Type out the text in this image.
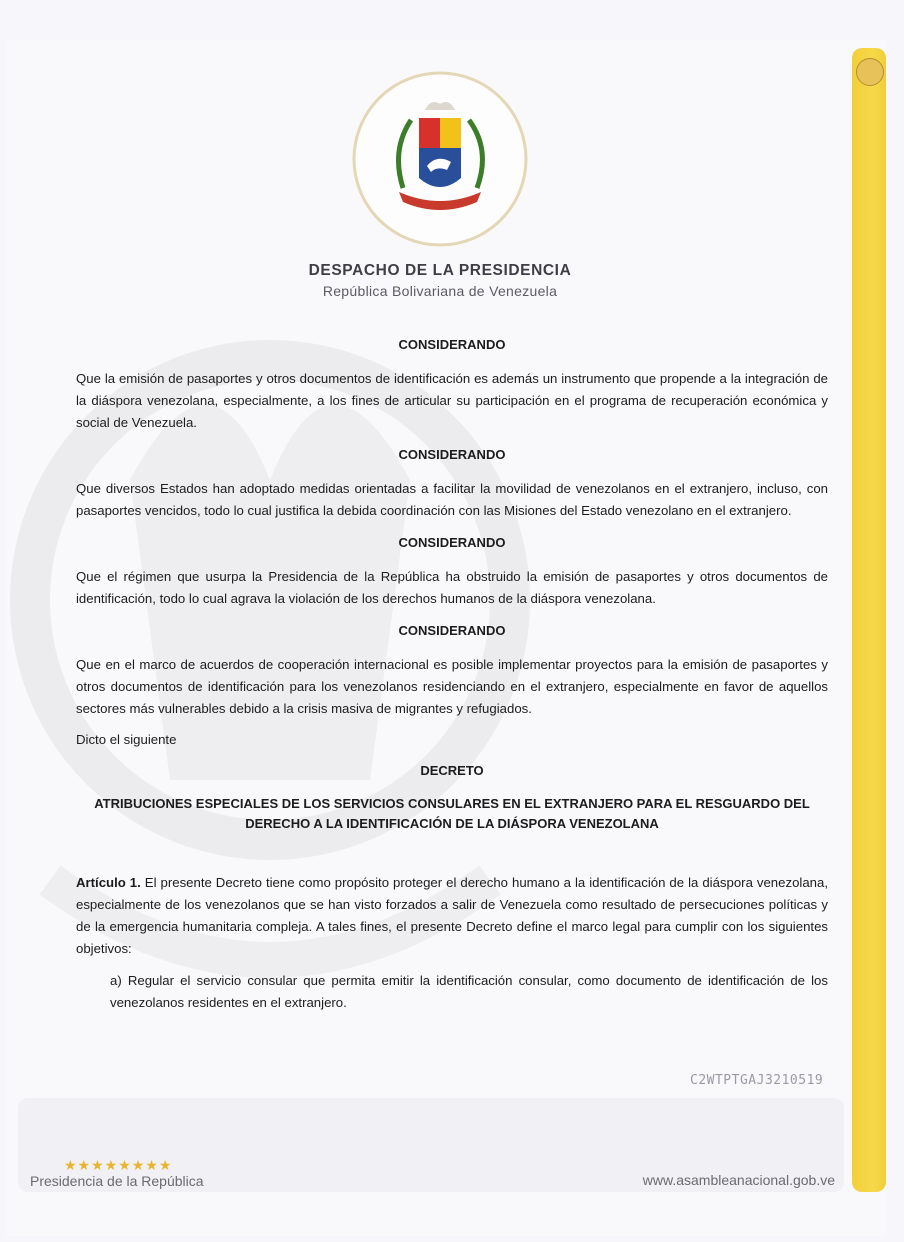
DESPACHO DE LA PRESIDENCIA
República Bolivariana de Venezuela

CONSIDERANDO

Que la emisión de pasaportes y otros documentos de identificación es además un instrumento que propende a la integración de la diáspora venezolana, especialmente, a los fines de articular su participación en el programa de recuperación económica y social de Venezuela.

CONSIDERANDO

Que diversos Estados han adoptado medidas orientadas a facilitar la movilidad de venezolanos en el extranjero, incluso, con pasaportes vencidos, todo lo cual justifica la debida coordinación con las Misiones del Estado venezolano en el extranjero.

CONSIDERANDO

Que el régimen que usurpa la Presidencia de la República ha obstruido la emisión de pasaportes y otros documentos de identificación, todo lo cual agrava la violación de los derechos humanos de la diáspora venezolana.

CONSIDERANDO

Que en el marco de acuerdos de cooperación internacional es posible implementar proyectos para la emisión de pasaportes y otros documentos de identificación para los venezolanos residenciando en el extranjero, especialmente en favor de aquellos sectores más vulnerables debido a la crisis masiva de migrantes y refugiados.

Dicto el siguiente

DECRETO

ATRIBUCIONES ESPECIALES DE LOS SERVICIOS CONSULARES EN EL EXTRANJERO PARA EL RESGUARDO DEL
DERECHO A LA IDENTIFICACIÓN DE LA DIÁSPORA VENEZOLANA

Artículo 1. El presente Decreto tiene como propósito proteger el derecho humano a la identificación de la diáspora venezolana, especialmente de los venezolanos que se han visto forzados a salir de Venezuela como resultado de persecuciones políticas y de la emergencia humanitaria compleja. A tales fines, el presente Decreto define el marco legal para cumplir con los siguientes objetivos:

a) Regular el servicio consular que permita emitir la identificación consular, como documento de identificación de los venezolanos residentes en el extranjero.

C2WTPTGAJ3210519
★★★★★★★★
Presidencia de la República	www.asambleanacional.gob.ve
